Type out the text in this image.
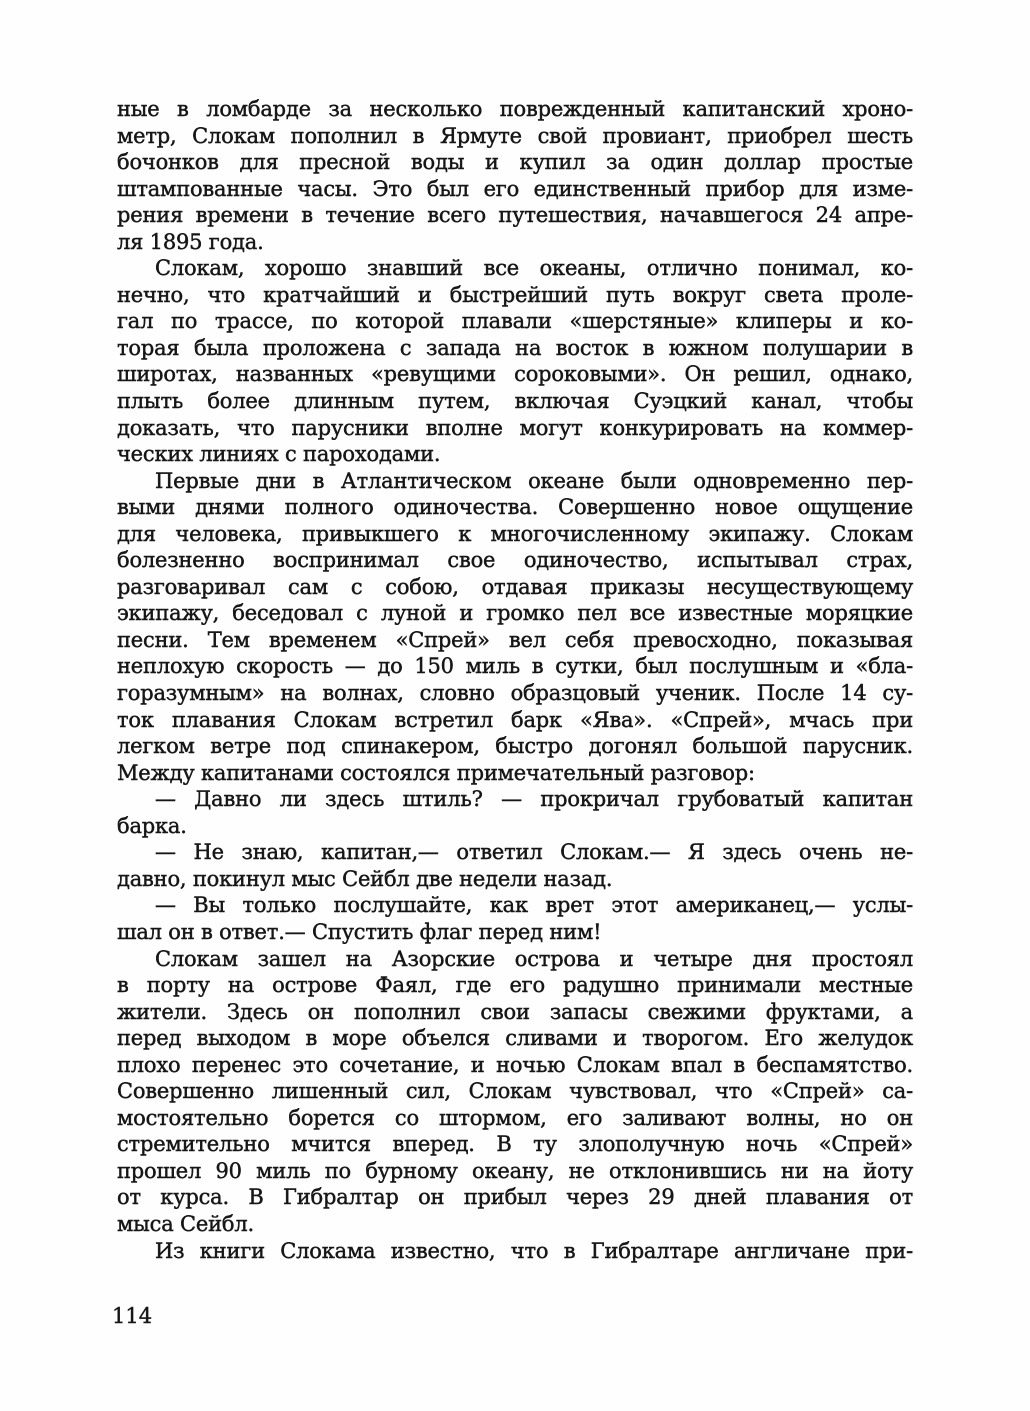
ные в ломбарде за несколько поврежденный капитанский хроно-
метр, Слокам пополнил в Ярмуте свой провиант, приобрел шесть
бочонков для пресной воды и купил за один доллар простые
штампованные часы. Это был его единственный прибор для изме-
рения времени в течение всего путешествия, начавшегося 24 апре-
ля 1895 года.
Слокам, хорошо знавший все океаны, отлично понимал, ко-
нечно, что кратчайший и быстрейший путь вокруг света проле-
гал по трассе, по которой плавали «шерстяные» клиперы и ко-
торая была проложена с запада на восток в южном полушарии в
широтах, названных «ревущими сороковыми». Он решил, однако,
плыть более длинным путем, включая Суэцкий канал, чтобы
доказать, что парусники вполне могут конкурировать на коммер-
ческих линиях с пароходами.
Первые дни в Атлантическом океане были одновременно пер-
выми днями полного одиночества. Совершенно новое ощущение
для человека, привыкшего к многочисленному экипажу. Слокам
болезненно воспринимал свое одиночество, испытывал страх,
разговаривал сам с собою, отдавая приказы несуществующему
экипажу, беседовал с луной и громко пел все известные моряцкие
песни. Тем временем «Спрей» вел себя превосходно, показывая
неплохую скорость — до 150 миль в сутки, был послушным и «бла-
горазумным» на волнах, словно образцовый ученик. После 14 су-
ток плавания Слокам встретил барк «Ява». «Спрей», мчась при
легком ветре под спинакером, быстро догонял большой парусник.
Между капитанами состоялся примечательный разговор:
— Давно ли здесь штиль? — прокричал грубоватый капитан
барка.
— Не знаю, капитан,— ответил Слокам.— Я здесь очень не-
давно, покинул мыс Сейбл две недели назад.
— Вы только послушайте, как врет этот американец,— услы-
шал он в ответ.— Спустить флаг перед ним!
Слокам зашел на Азорские острова и четыре дня простоял
в порту на острове Фаял, где его радушно принимали местные
жители. Здесь он пополнил свои запасы свежими фруктами, а
перед выходом в море объелся сливами и творогом. Его желудок
плохо перенес это сочетание, и ночью Слокам впал в беспамятство.
Совершенно лишенный сил, Слокам чувствовал, что «Спрей» са-
мостоятельно борется со штормом, его заливают волны, но он
стремительно мчится вперед. В ту злополучную ночь «Спрей»
прошел 90 миль по бурному океану, не отклонившись ни на йоту
от курса. В Гибралтар он прибыл через 29 дней плавания от
мыса Сейбл.
Из книги Слокама известно, что в Гибралтаре англичане при-
114
